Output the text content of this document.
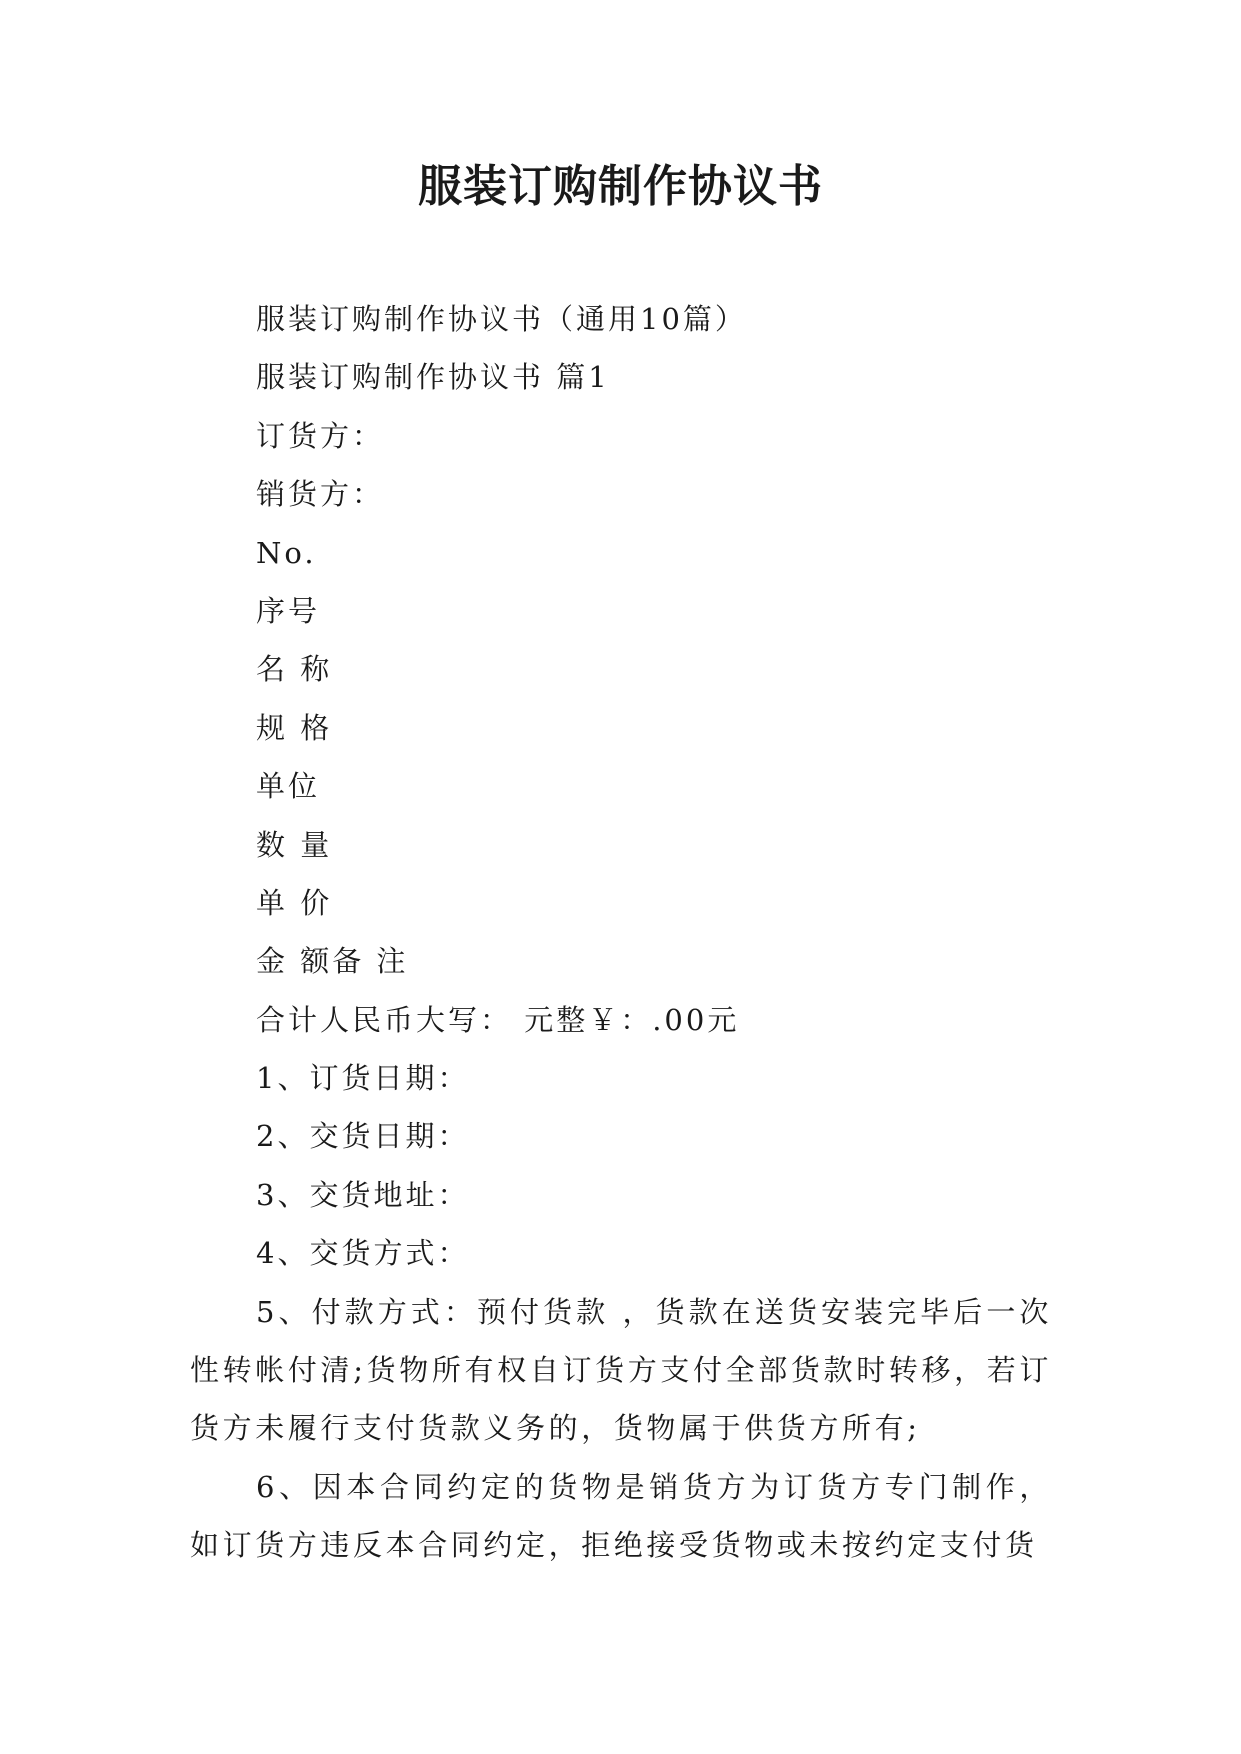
服装订购制作协议书

服装订购制作协议书（通用10篇）

服装订购制作协议书 篇1

订货方：

销货方：

No.

序号

名 称

规 格

单位

数 量

单 价

金 额备 注

合计人民币大写： 元整￥：.00元

1、订货日期：

2、交货日期：

3、交货地址：

4、交货方式：

5、付款方式：预付货款 ，货款在送货安装完毕后一次性转帐付清;货物所有权自订货方支付全部货款时转移，若订货方未履行支付货款义务的，货物属于供货方所有;

6、因本合同约定的货物是销货方为订货方专门制作，如订货方违反本合同约定，拒绝接受货物或未按约定支付货
